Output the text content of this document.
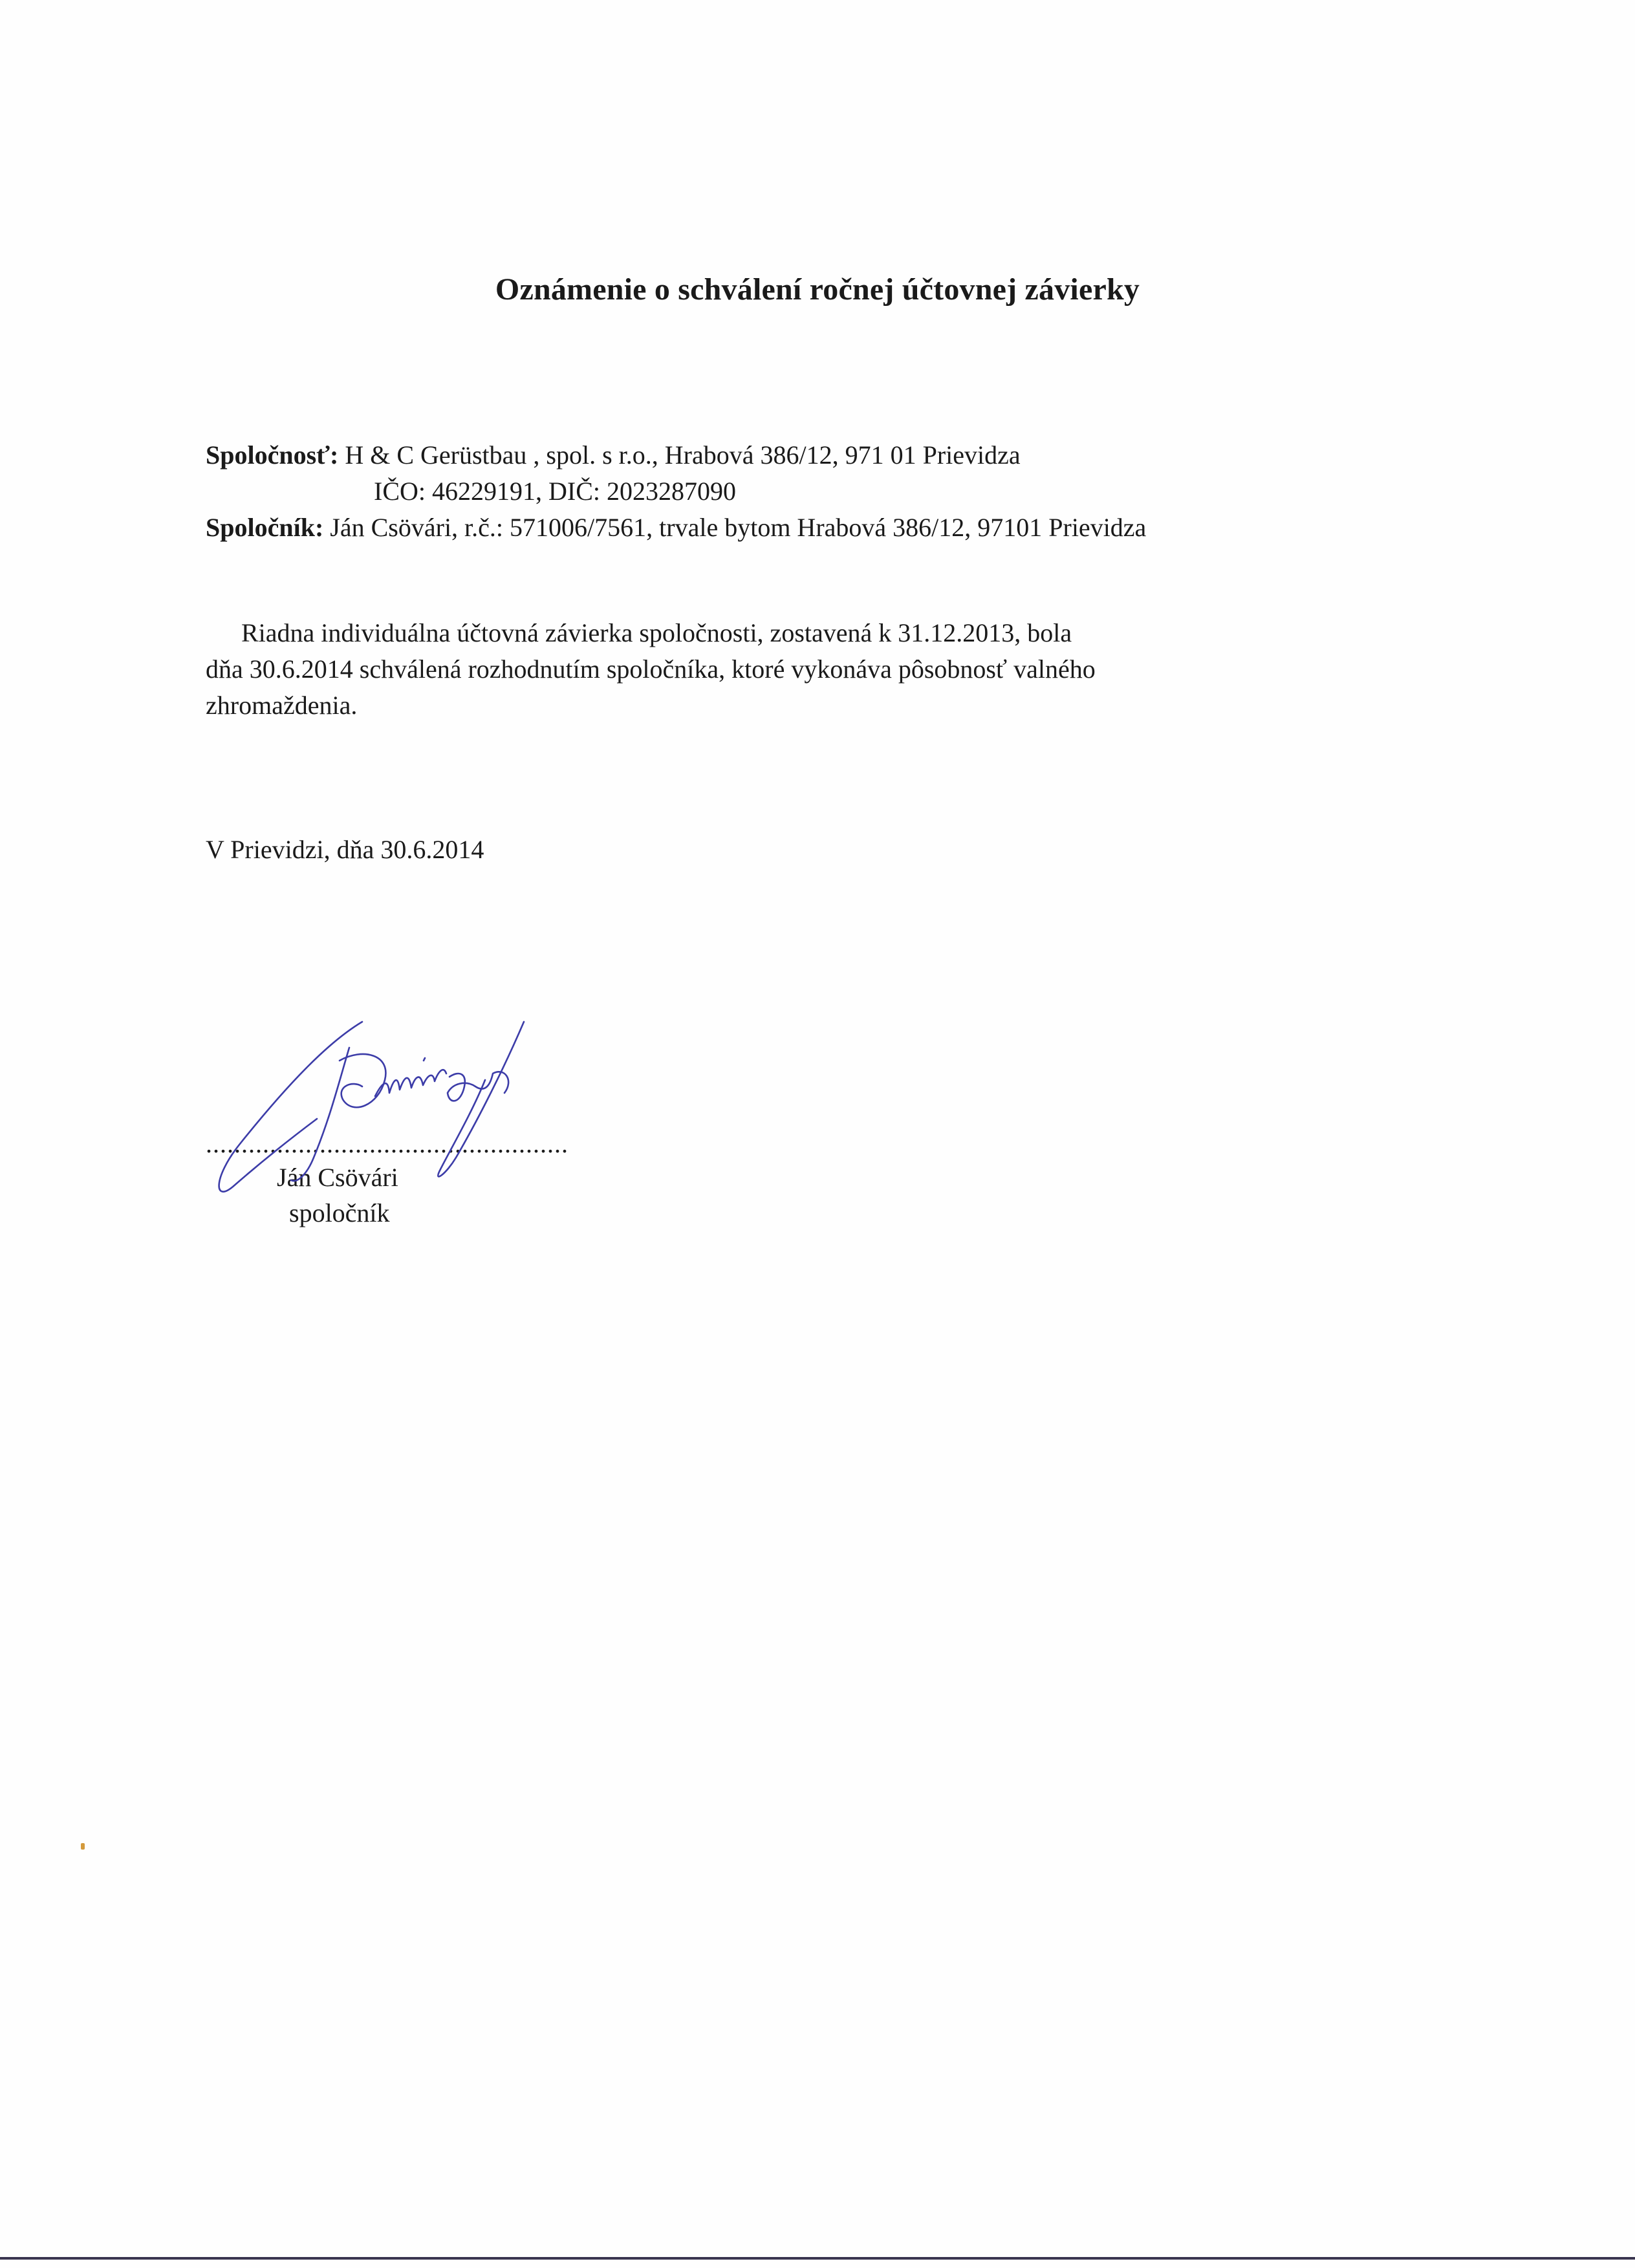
Oznámenie o schválení ročnej účtovnej závierky
Spoločnosť: H & C Gerüstbau , spol. s r.o., Hrabová 386/12, 971 01 Prievidza
IČO: 46229191, DIČ: 2023287090
Spoločník: Ján Csövári, r.č.: 571006/7561, trvale bytom Hrabová 386/12, 97101 Prievidza
Riadna individuálna účtovná závierka spoločnosti, zostavená k 31.12.2013, bola
dňa 30.6.2014 schválená rozhodnutím spoločníka, ktoré vykonáva pôsobnosť valného
zhromaždenia.
V Prievidzi, dňa 30.6.2014
...................................................
Ján Csövári
spoločník
